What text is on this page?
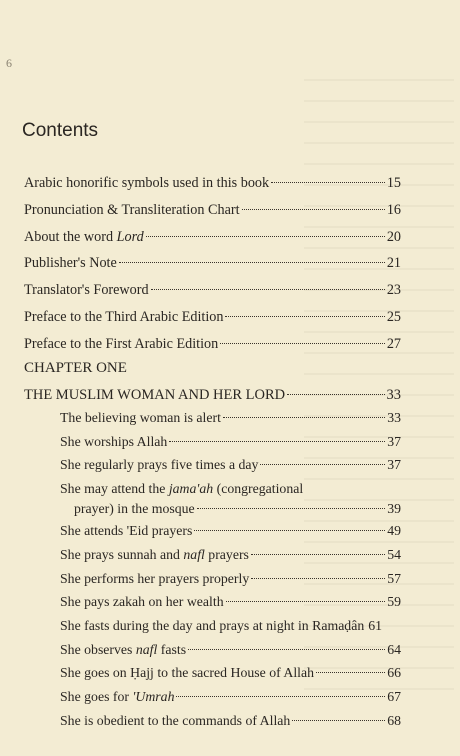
6
Contents
Arabic honorific symbols used in this book	15
Pronunciation & Transliteration Chart	16
About the word Lord	20
Publisher's Note	21
Translator's Foreword	23
Preface to the Third Arabic Edition	25
Preface to the First Arabic Edition	27
CHAPTER ONE
THE MUSLIM WOMAN AND HER LORD	33
The believing woman is alert	33
She worships Allah	37
She regularly prays five times a day	37
She may attend the jama'ah (congregational
prayer) in the mosque	39
She attends 'Eid prayers	49
She prays sunnah and nafl prayers	54
She performs her prayers properly	57
She pays zakah on her wealth	59
She fasts during the day and prays at night in Ramaḍân 61
She observes nafl fasts	64
She goes on Ḥajj to the sacred House of Allah	66
She goes for 'Umrah	67
She is obedient to the commands of Allah	68
